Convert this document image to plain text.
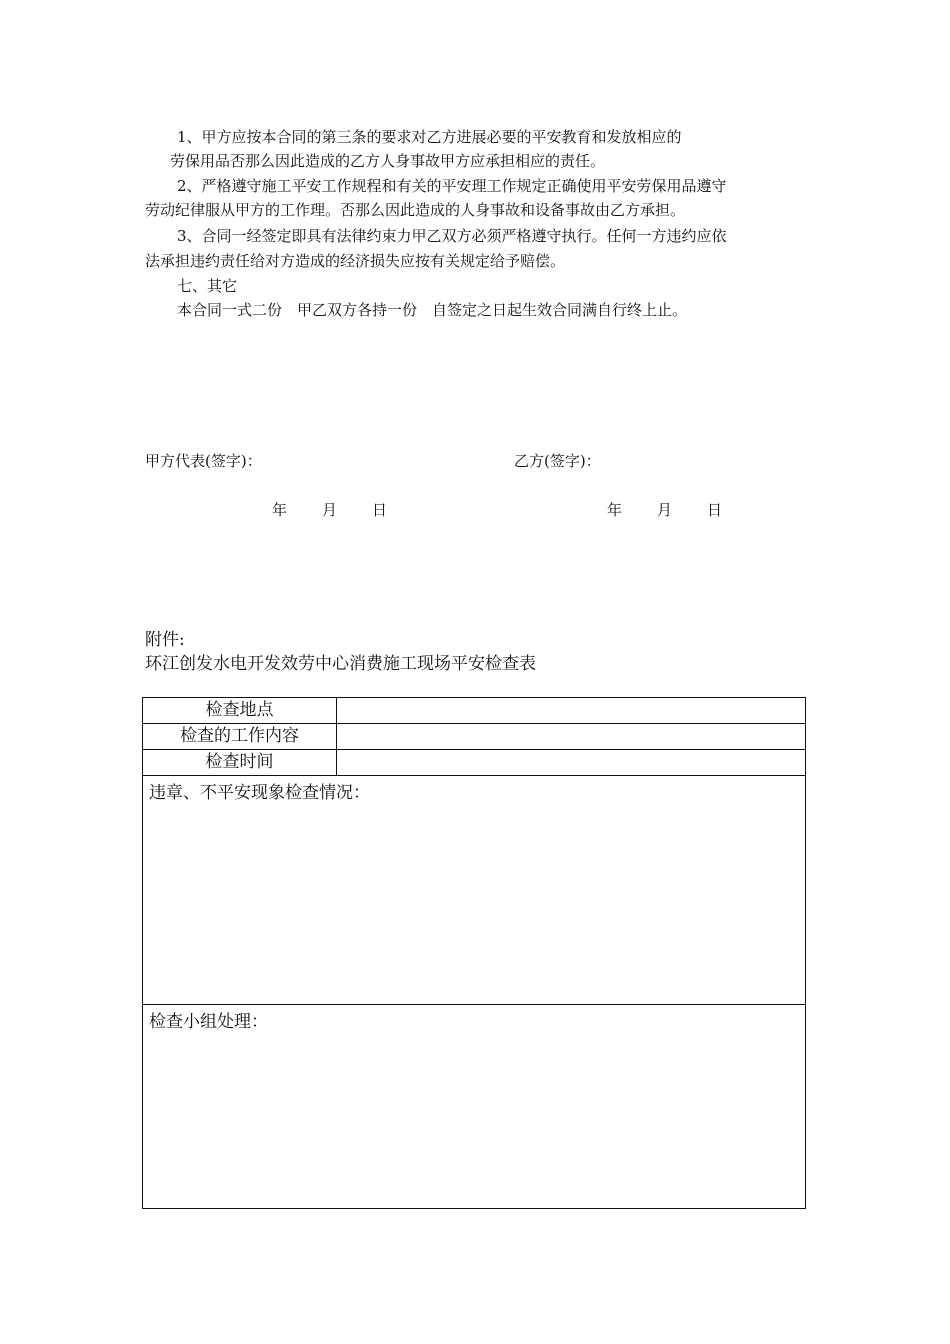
1、甲方应按本合同的第三条的要求对乙方进展必要的平安教育和发放相应的

劳保用品否那么因此造成的乙方人身事故甲方应承担相应的责任。

2、严格遵守施工平安工作规程和有关的平安理工作规定正确使用平安劳保用品遵守

劳动纪律服从甲方的工作理。否那么因此造成的人身事故和设备事故由乙方承担。

3、合同一经签定即具有法律约束力甲乙双方必须严格遵守执行。任何一方违约应依

法承担违约责任给对方造成的经济损失应按有关规定给予赔偿。

七、其它

本合同一式二份　甲乙双方各持一份　自签定之日起生效合同满自行终上止。

甲方代表(签字)：	乙方(签字)：
年 月 日	年 月 日
附件:
环江创发水电开发效劳中心消费施工现场平安检查表
检查地点	
检查的工作内容	
检查时间	
违章、不平安现象检查情况：	
检查小组处理：	
